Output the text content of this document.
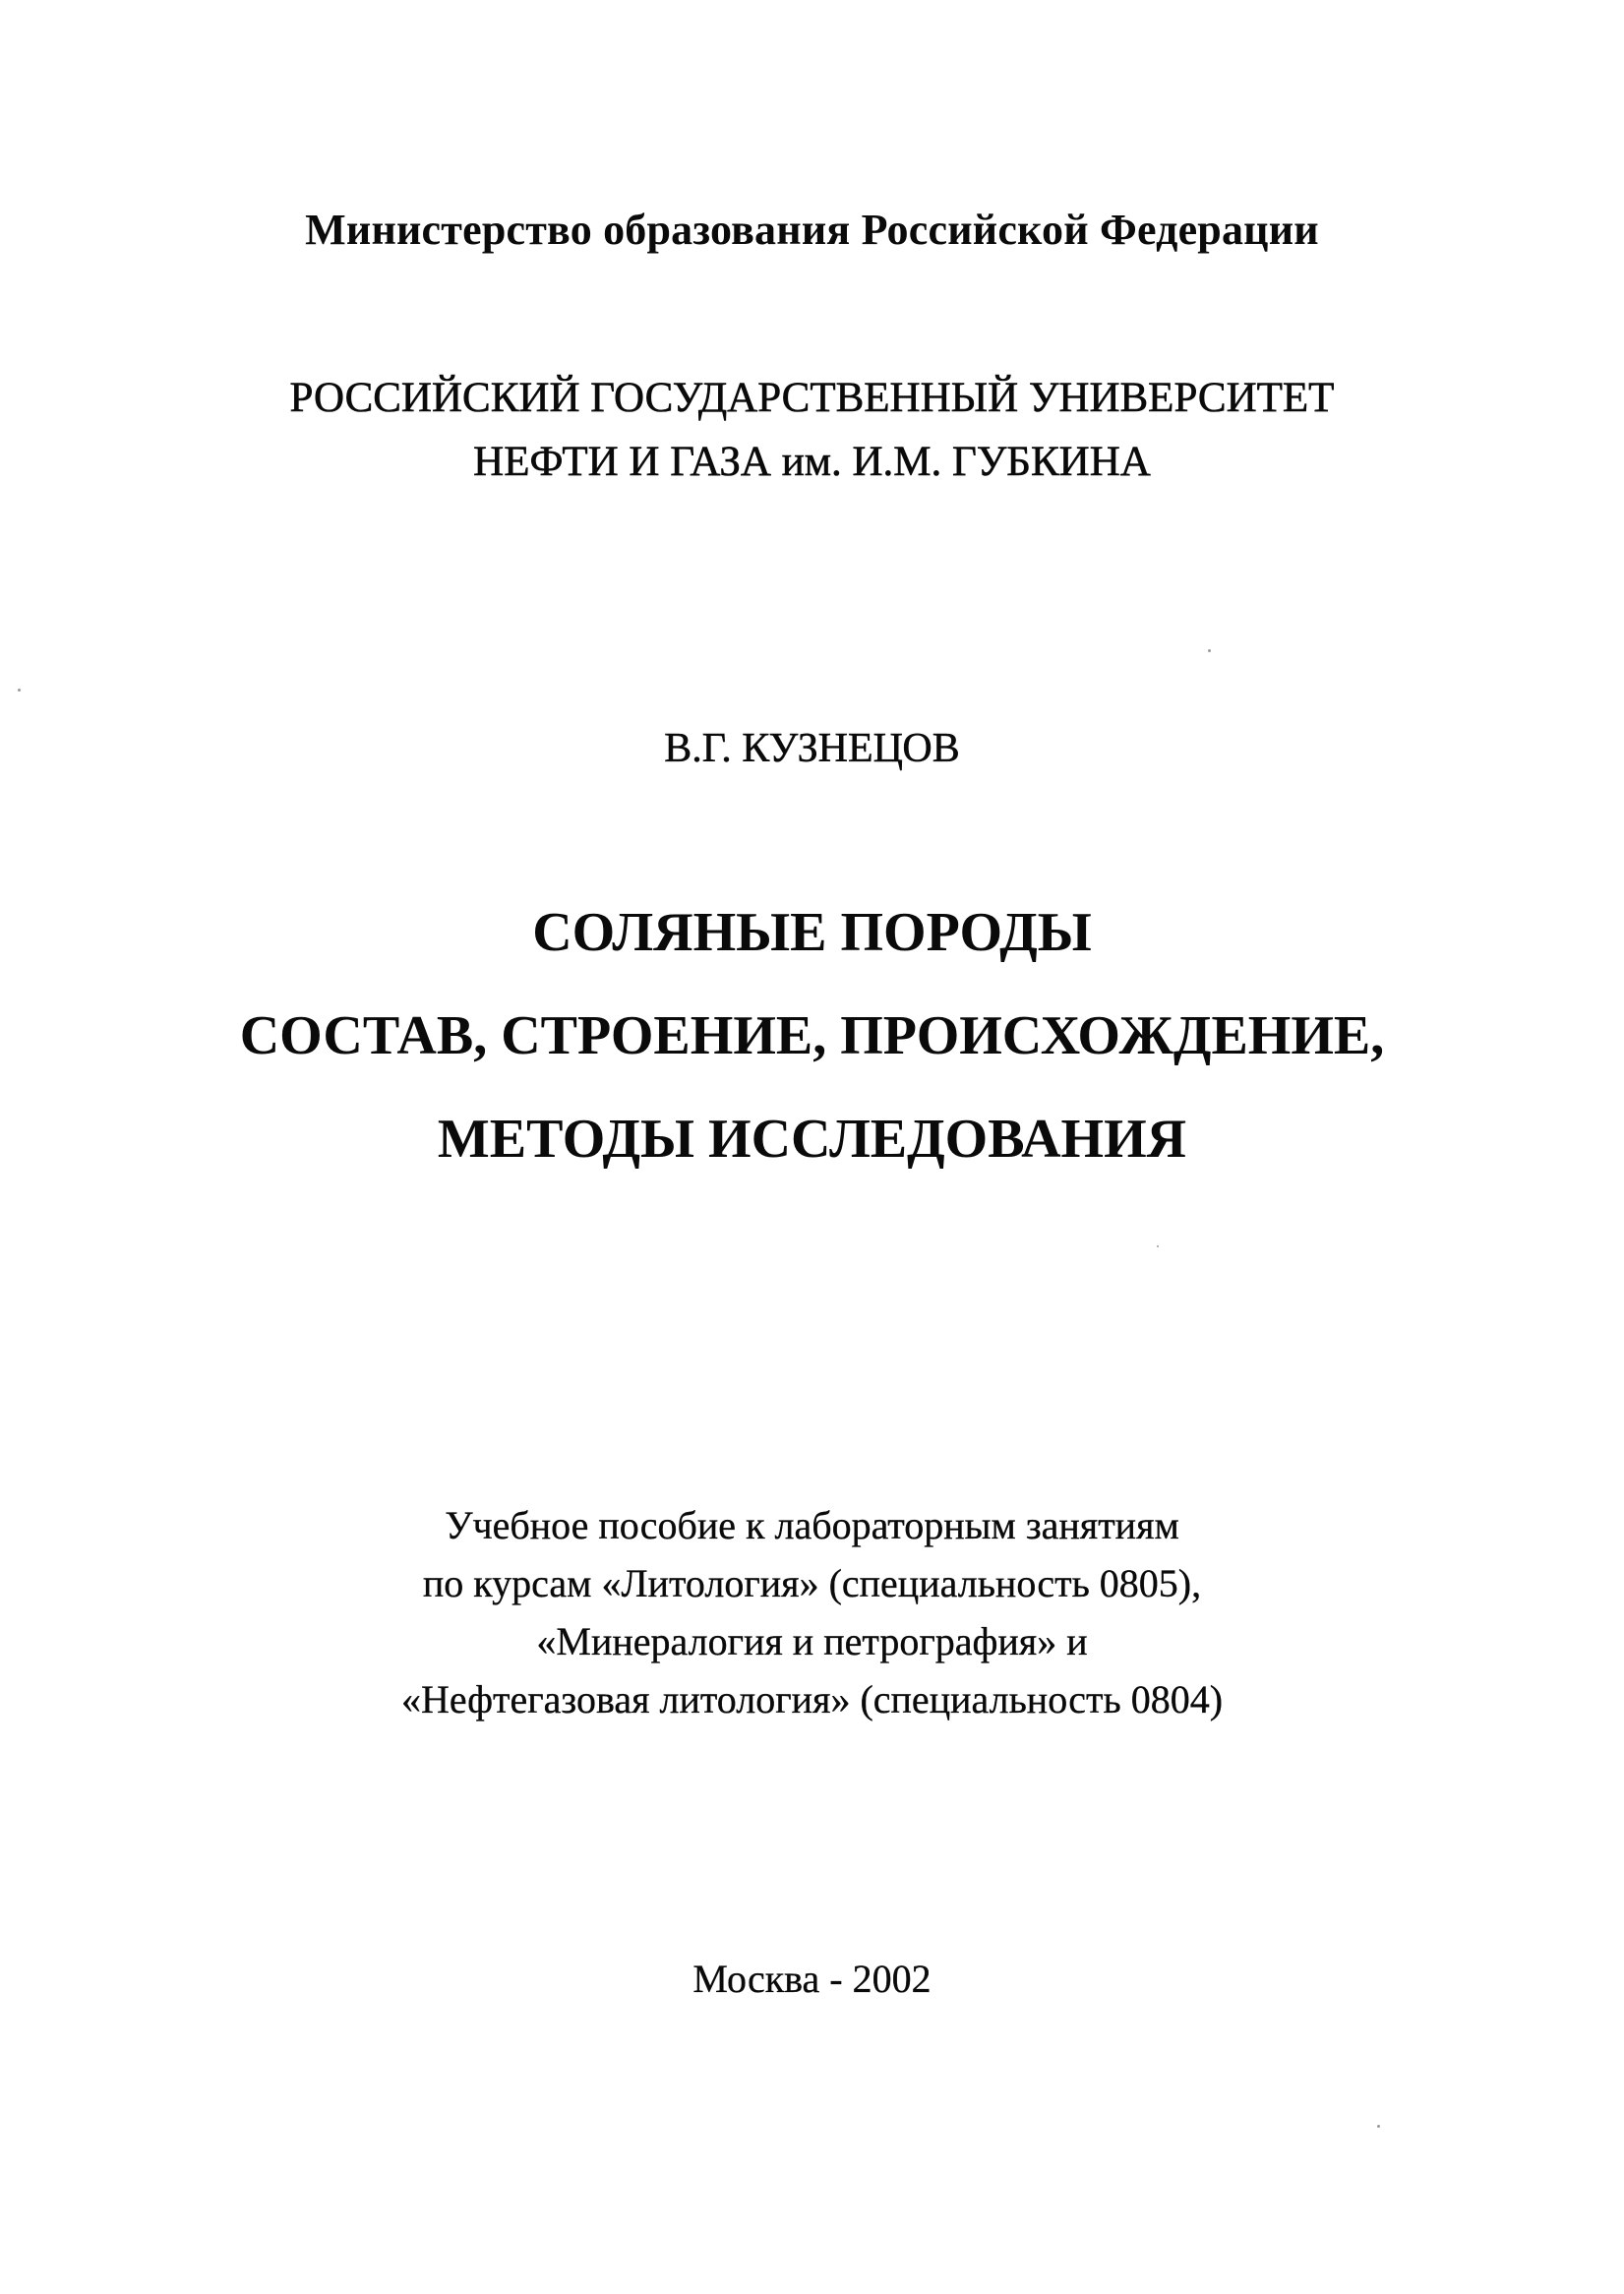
Министерство образования Российской Федерации
РОССИЙСКИЙ ГОСУДАРСТВЕННЫЙ УНИВЕРСИТЕТ
НЕФТИ И ГАЗА им. И.М. ГУБКИНА
В.Г. КУЗНЕЦОВ
СОЛЯНЫЕ ПОРОДЫ
СОСТАВ, СТРОЕНИЕ, ПРОИСХОЖДЕНИЕ,
МЕТОДЫ ИССЛЕДОВАНИЯ
Учебное пособие к лабораторным занятиям
по курсам «Литология» (специальность 0805),
«Минералогия и петрография» и
«Нефтегазовая литология» (специальность 0804)
Москва - 2002
